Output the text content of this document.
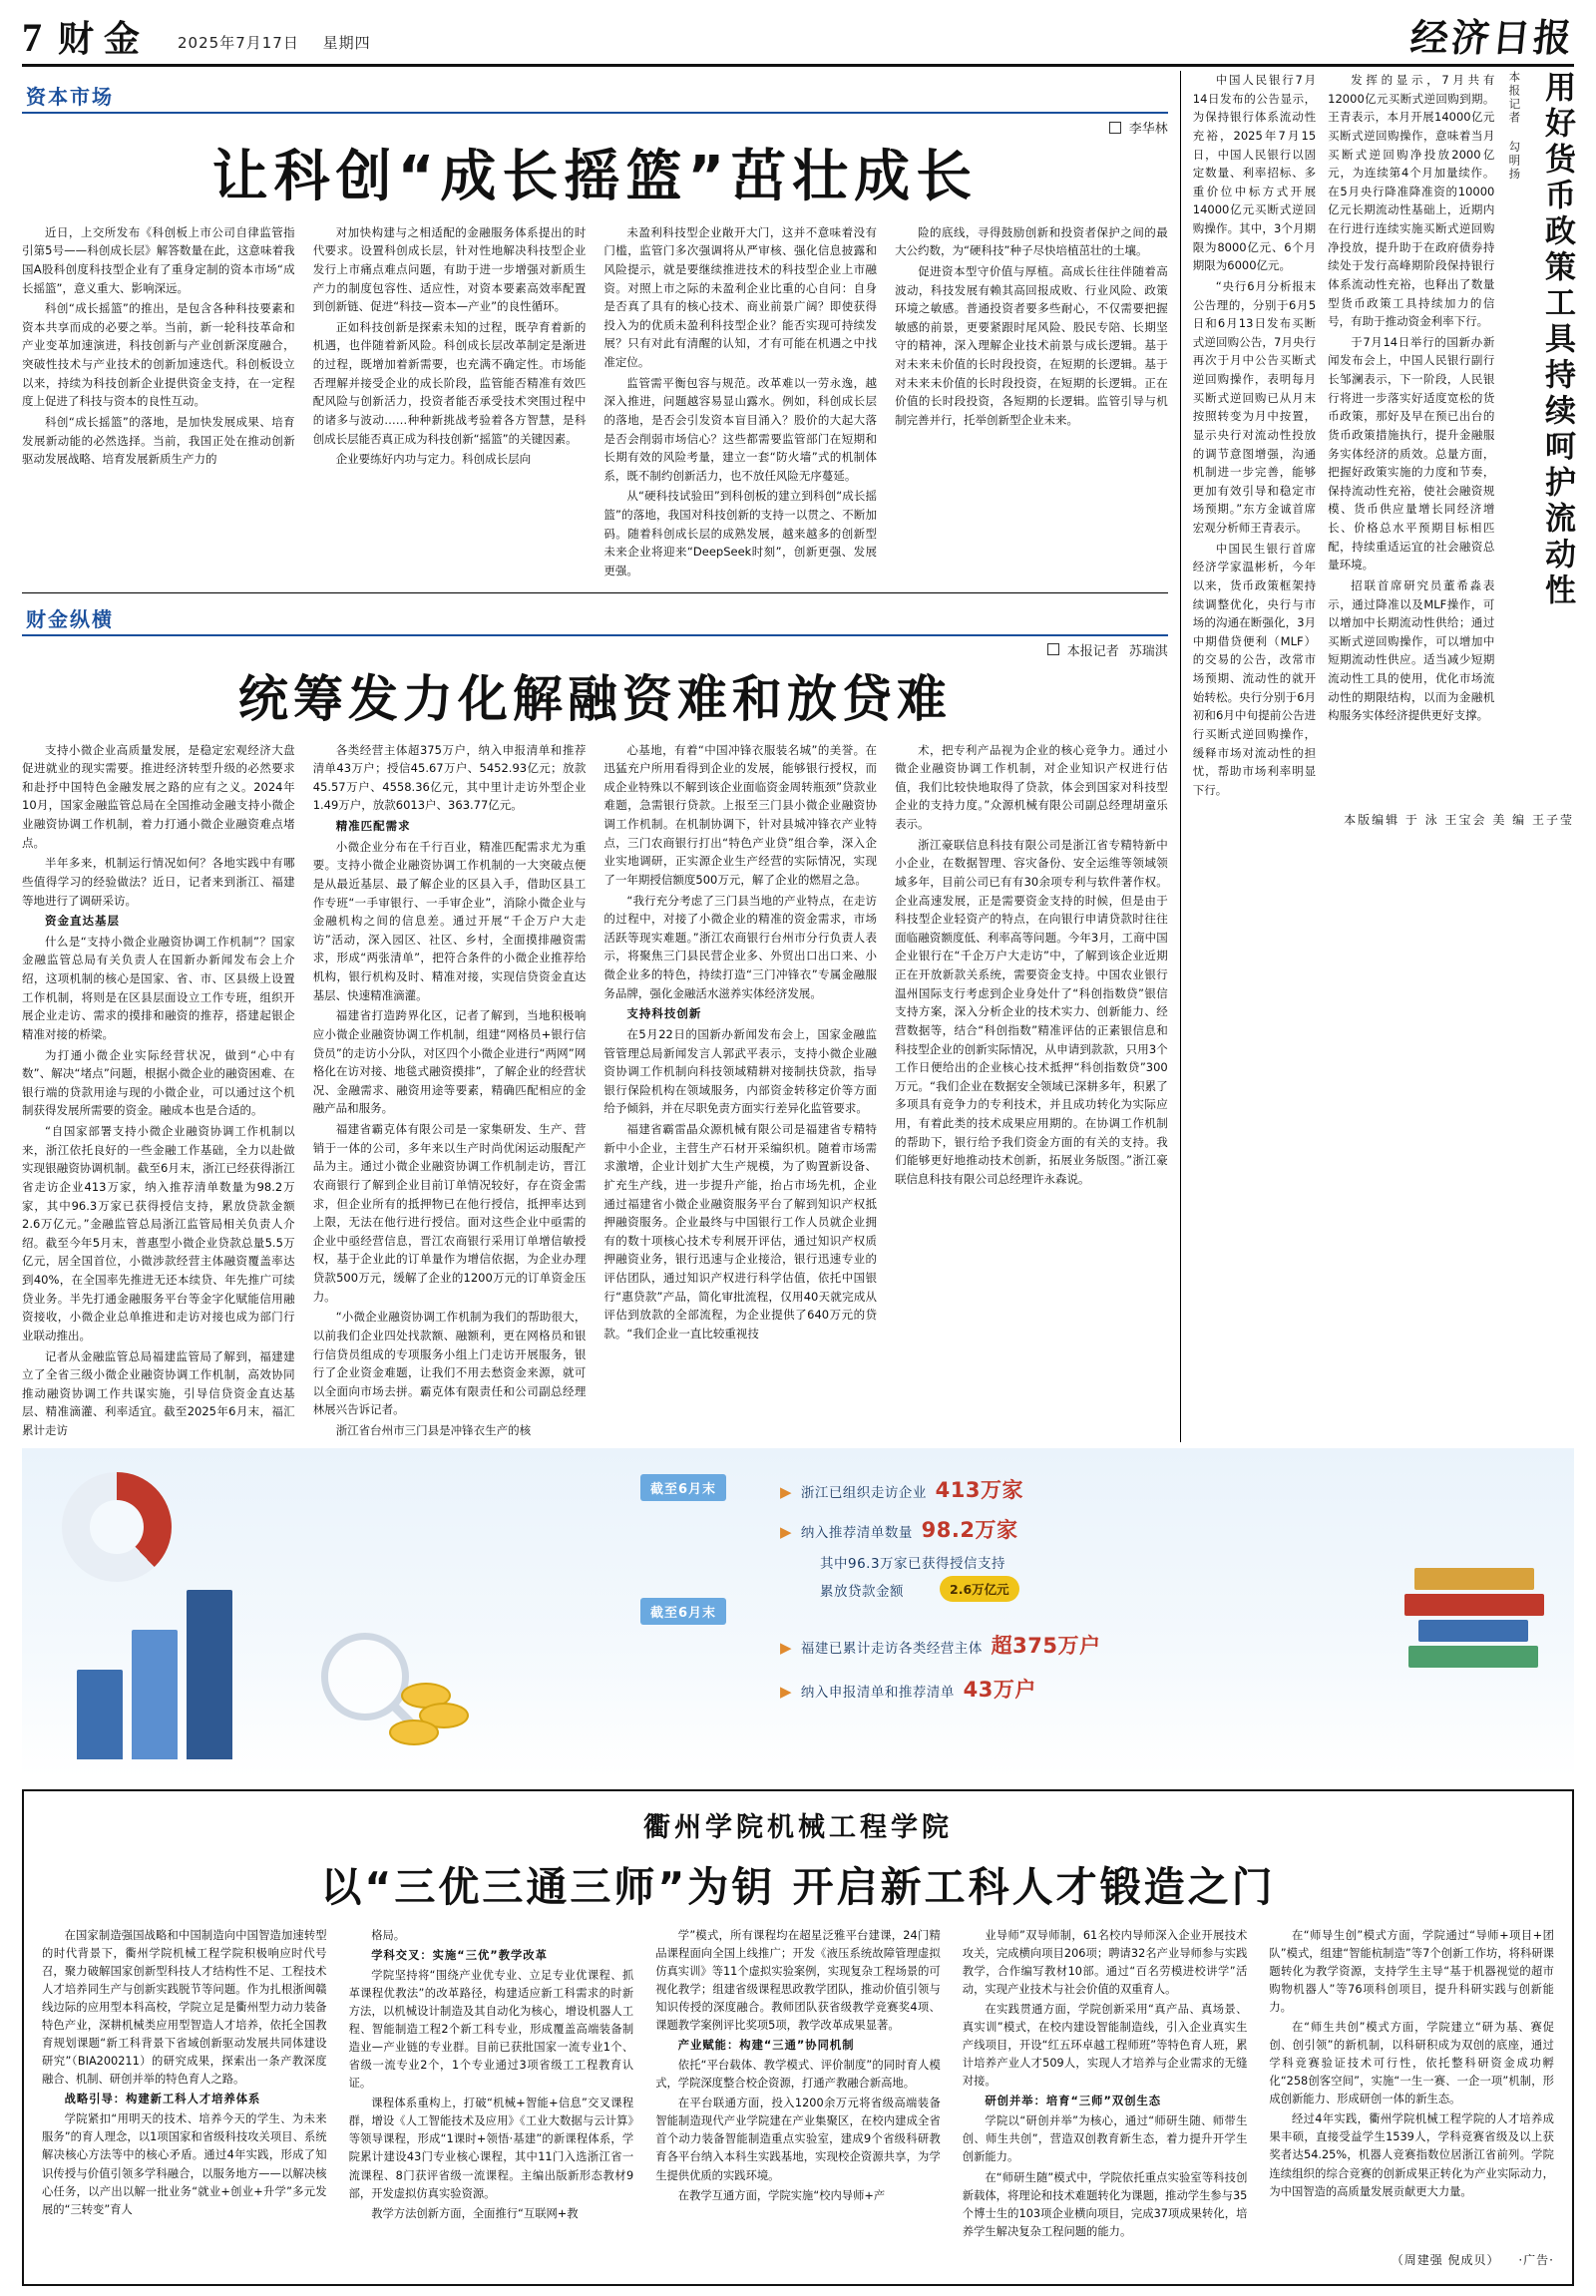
7 财金 2025年7月17日 星期四	经济日报
资本市场
李华林
让科创“成长摇篮”茁壮成长

近日，上交所发布《科创板上市公司自律监管指引第5号——科创成长层》解答数量在此，这意味着我国A股科创度科技型企业有了重身定制的资本市场“成长摇篮”，意义重大、影响深远。

科创“成长摇篮”的推出，是包含各种科技要素和资本共享而成的必要之举。当前，新一轮科技革命和产业变革加速演进，科技创新与产业创新深度融合，突破性技术与产业技术的创新加速迭代。科创板设立以来，持续为科技创新企业提供资金支持，在一定程度上促进了科技与资本的良性互动。

科创“成长摇篮”的落地，是加快发展成果、培育发展新动能的必然选择。当前，我国正处在推动创新驱动发展战略、培育发展新质生产力的

对加快构建与之相适配的金融服务体系提出的时代要求。设置科创成长层，针对性地解决科技型企业发行上市痛点难点问题，有助于进一步增强对新质生产力的制度包容性、适应性，对资本要素高效率配置到创新链、促进“科技—资本—产业”的良性循环。

正如科技创新是探索未知的过程，既孕育着新的机遇，也伴随着新风险。科创成长层改革制定是渐进的过程，既增加着新需要，也充满不确定性。市场能否理解并接受企业的成长阶段，监管能否精准有效匹配风险与创新活力，投资者能否承受技术突围过程中的诸多与波动……种种新挑战考验着各方智慧，是科创成长层能否真正成为科技创新“摇篮”的关键因素。

企业要练好内功与定力。科创成长层向

未盈利科技型企业敞开大门，这并不意味着没有门槛，监管门多次强调将从严审核、强化信息披露和风险提示，就是要继续推进技术的科技型企业上市融资。对照上市之际的未盈利企业比重的心自问：自身是否真了具有的核心技术、商业前景广阔？即使获得投入为的优质未盈利科技型企业？能否实现可持续发展？只有对此有清醒的认知，才有可能在机遇之中找准定位。

监管需平衡包容与规范。改革难以一劳永逸，越深入推进，问题越容易显山露水。例如，科创成长层的落地，是否会引发资本盲目涌入？股价的大起大落是否会削弱市场信心？这些都需要监管部门在短期和长期有效的风险考量，建立一套“防火墙”式的机制体系，既不制约创新活力，也不放任风险无序蔓延。

从“硬科技试验田”到科创板的建立到科创“成长摇篮”的落地，我国对科技创新的支持一以贯之、不断加码。随着科创成长层的成熟发展，越来越多的创新型未来企业将迎来“DeepSeek时刻”，创新更强、发展更强。

险的底线，寻得鼓励创新和投资者保护之间的最大公约数，为“硬科技”种子尽快培植茁壮的土壤。

促进资本型守价值与厚植。高成长往往伴随着高波动，科技发展有赖其高回报成败、行业风险、政策环境之敏感。普通投资者要多些耐心，不仅需要把握敏感的前景，更要紧跟时尾风险、股民专陪、长期坚守的精神，深入理解企业技术前景与成长逻辑。基于对未来未价值的长时段投资，在短期的长逻辑。基于对未来未价值的长时段投资，在短期的长逻辑。正在价值的长时段投资，各短期的长逻辑。监管引导与机制完善并行，托举创新型企业未来。

财金纵横
本报记者 苏瑞淇
统筹发力化解融资难和放贷难

支持小微企业高质量发展，是稳定宏观经济大盘促进就业的现实需要。推进经济转型升级的必然要求和赴抒中国特色金融发展之路的应有之义。2024年10月，国家金融监管总局在全国推动金融支持小微企业融资协调工作机制，着力打通小微企业融资难点堵点。

半年多来，机制运行情况如何？各地实践中有哪些值得学习的经验做法？近日，记者来到浙江、福建等地进行了调研采访。

资金直达基层

什么是“支持小微企业融资协调工作机制”？国家金融监管总局有关负责人在国新办新闻发布会上介绍，这项机制的核心是国家、省、市、区县级上设置工作机制，将则是在区县层面设立工作专班，组织开展企业走访、需求的摸排和融资的推荐，搭建起银企精准对接的桥梁。

为打通小微企业实际经营状况，做到“心中有数”、解决“堵点”问题，根据小微企业的融资困难、在银行端的贷款用途与现的小微企业，可以通过这个机制获得发展所需要的资金。融成本也是合适的。

“自国家部署支持小微企业融资协调工作机制以来，浙江依托良好的一些金融工作基础，全力以赴做实现银融资协调机制。截至6月末，浙江已经获得浙江省走访企业413万家，纳入推荐清单数量为98.2万家，其中96.3万家已获得授信支持，累放贷款金额2.6万亿元。”金融监管总局浙江监管局相关负责人介绍。截至今年5月末，普惠型小微企业贷款总量5.5万亿元，居全国首位，小微涉款经营主体融资覆盖率达到40%，在全国率先推进无还本续贷、年先推广可续贷业务。半先打通金融服务平台等金字化赋能信用融资接收，小微企业总单推进和走访对接也成为部门行业联动推出。

记者从金融监管总局福建监管局了解到，福建建立了全省三级小微企业融资协调工作机制，高效协同推动融资协调工作共谋实施，引导信贷资金直达基层、精准滴灌、利率适宜。截至2025年6月末，福汇累计走访

各类经营主体超375万户，纳入申报清单和推荐清单43万户；授信45.67万户、5452.93亿元；放款45.57万户、4558.36亿元，其中里计走访外型企业1.49万户，放款6013户、363.77亿元。

精准匹配需求

小微企业分布在千行百业，精准匹配需求尤为重要。支持小微企业融资协调工作机制的一大突破点便是从最近基层、最了解企业的区县入手，借助区县工作专班“一手审银行、一手审企业”，消除小微企业与金融机构之间的信息差。通过开展“千企万户大走访”活动，深入园区、社区、乡村，全面摸排融资需求，形成“两张清单”，把符合条件的小微企业推荐给机构，银行机构及时、精准对接，实现信贷资金直达基层、快速精准滴灌。

福建省打造跨界化区，记者了解到，当地积极响应小微企业融资协调工作机制，组建“网格员+银行信贷员”的走访小分队，对区四个小微企业进行“两网”网格化在访对接、地毯式融资摸排”，了解企业的经营状况、金融需求、融资用途等要素，精确匹配相应的金融产品和服务。

福建省霸克体有限公司是一家集研发、生产、营销于一体的公司，多年来以生产时尚优闲运动服配产品为主。通过小微企业融资协调工作机制走访，晋江农商银行了解到企业目前订单情况较好，存在资金需求，但企业所有的抵押物已在他行授信，抵押率达到上限，无法在他行进行授信。面对这些企业中亟需的企业中亟经营信息，晋江农商银行采用订单增信敏授权，基于企业此的订单量作为增信依据，为企业办理贷款500万元，缓解了企业的1200万元的订单资金压力。

“小微企业融资协调工作机制为我们的帮助很大，以前我们企业四处找款额、融额利，更在网格员和银行信贷员组成的专项服务小组上门走访开展服务，银行了企业资金难题，让我们不用去愁资金来源，就可以全面向市场去拼。霸克体有限责任和公司副总经理林展兴告诉记者。

浙江省台州市三门县是冲锋衣生产的核

心基地，有着“中国冲锋衣服装名城”的美誉。在迅猛充户所用看得到企业的发展，能够银行授权，而成企业特殊以不解到该企业面临资金周转瓶颈”贷款业难题，急需银行贷款。上报至三门县小微企业融资协调工作机制。在机制协调下，针对县城冲锋衣产业特点，三门农商银行打出“特色产业贷”组合拳，深入企业实地调研，正实源企业生产经营的实际情况，实现了一年期授信额度500万元，解了企业的燃眉之急。

“我行充分考虑了三门县当地的产业特点，在走访的过程中，对接了小微企业的精准的资金需求，市场活跃等现实难题。”浙江农商银行台州市分行负责人表示，将聚焦三门县民营企业多、外贸出口出口来、小微企业多的特色，持续打造“三门冲锋衣”专属金融服务品牌，强化金融活水滋养实体经济发展。

支持科技创新

在5月22日的国新办新闻发布会上，国家金融监管管理总局新闻发言人郭武平表示，支持小微企业融资协调工作机制向科技领域精耕对接制扶贷款，指导银行保险机构在领域服务，内部资金转移定价等方面给予倾斜，并在尽职免责方面实行差异化监管要求。

福建省霸雷晶众源机械有限公司是福建省专精特新中小企业，主营生产石材开采编织机。随着市场需求激增，企业计划扩大生产规模，为了购置新设备、扩充生产线，进一步提升产能，抬占市场先机，企业通过福建省小微企业融资服务平台了解到知识产权抵押融资服务。企业最终与中国银行工作人员就企业拥有的数十项核心技术专利展开评估，通过知识产权质押融资业务，银行迅速与企业接洽，银行迅速专业的评估团队，通过知识产权进行科学估值，依托中国银行“惠贷款”产品，简化审批流程，仅用40天就完成从评估到放款的全部流程，为企业提供了640万元的贷款。“我们企业一直比较重视技

术，把专利产品视为企业的核心竞争力。通过小微企业融资协调工作机制，对企业知识产权进行估值，我们比较快地取得了贷款，体会到国家对科技型企业的支持力度。”众源机械有限公司副总经理胡童乐表示。

浙江豪联信息科技有限公司是浙江省专精特新中小企业，在数据智理、容灾备份、安全运维等领域领域多年，目前公司已有有30余项专利与软件著作权。企业高速发展，正是需要资金支持的时候，但是由于科技型企业轻资产的特点，在向银行申请贷款时往往面临融资额度低、利率高等问题。今年3月，工商中国企业银行在“千企万户大走访”中，了解到该企业近期正在开放新款关系统，需要资金支持。中国农业银行温州国际支行考虑到企业身处什了“科创指数贷”银信支持方案，深入分析企业的技术实力、创新能力、经营数据等，结合“科创指数”精准评估的正素银信息和科技型企业的创新实际情况，从申请到款款，只用3个工作日便给出的企业核心技术抵押“科创指数贷”300万元。“我们企业在数据安全领域已深耕多年，积累了多项具有竞争力的专利技术，并且成功转化为实际应用，有着此类的技术成果应用期的。在协调工作机制的帮助下，银行给予我们资金方面的有关的支持。我们能够更好地推动技术创新，拓展业务版图。”浙江豪联信息科技有限公司总经理许永森说。

中国人民银行7月14日发布的公告显示，为保持银行体系流动性充裕，2025年7月15日，中国人民银行以固定数量、利率招标、多重价位中标方式开展14000亿元买断式逆回购操作。其中，3个月期限为8000亿元、6个月期限为6000亿元。

“央行6月分析报末公告理的，分别于6月5日和6月13日发布买断式逆回购公告，7月央行再次于月中公告买断式逆回购操作，表明每月买断式逆回购已从月末按照转变为月中按置，显示央行对流动性投放的调节意图增强，沟通机制进一步完善，能够更加有效引导和稳定市场预期。”东方金诚首席宏观分析师王青表示。

中国民生银行首席经济学家温彬析，今年以来，货币政策框架持续调整优化，央行与市场的沟通在断强化，3月中期借贷便利（MLF）的交易的公告，改常市场预期、流动性的就开始转松。央行分别于6月初和6月中旬提前公告进行买断式逆回购操作，缓释市场对流动性的担忧，帮助市场利率明显下行。

发挥的显示，7月共有12000亿元买断式逆回购到期。王青表示，本月开展14000亿元买断式逆回购操作，意味着当月买断式逆回购净投放2000亿元，为连续第4个月加量续作。在5月央行降准降准资的10000亿元长期流动性基础上，近期内在行进行连续实施买断式逆回购净投放，提升助于在政府债券持续处于发行高峰期阶段保持银行体系流动性充裕，也释出了数量型货币政策工具持续加力的信号，有助于推动资金利率下行。

于7月14日举行的国新办新闻发布会上，中国人民银行副行长邹澜表示，下一阶段，人民银行将进一步落实好适度宽松的货币政策，那好及早在预已出台的货币政策措施执行，提升金融服务实体经济的质效。总量方面，把握好政策实施的力度和节奏，保持流动性充裕，使社会融资规模、货币供应量增长同经济增长、价格总水平预期目标相匹配，持续重适运宜的社会融资总量环境。

招联首席研究员董希淼表示，通过降准以及MLF操作，可以增加中长期流动性供给；通过买断式逆回购操作，可以增加中短期流动性供应。适当减少短期流动性工具的使用，优化市场流动性的期限结构，以而为金融机构服务实体经济提供更好支撑。

本报记者 勾明扬 用好货币政策工具持续呵护流动性
本版编辑 于 泳 王宝会 美 编 王子莹
截至6月末
截至6月末
▶ 浙江已组织走访企业 413万家
▶ 纳入推荐清单数量 98.2万家
其中96.3万家已获得授信支持
累放贷款金额	2.6万亿元
▶ 福建已累计走访各类经营主体 超375万户
▶ 纳入申报清单和推荐清单 43万户
衢州学院机械工程学院
以“三优三通三师”为钥 开启新工科人才锻造之门

在国家制造强国战略和中国制造向中国智造加速转型的时代背景下，衢州学院机械工程学院积极响应时代号召，聚力破解国家创新型科技人才结构性不足、工程技术人才培养同生产与创新实践脱节等问题。作为扎根浙闽赣线边际的应用型本科高校，学院立足是衢州型力动力装备特色产业，深耕机械类应用型智造人才培养，依托全国教育规划课题“新工科背景下省域创新驱动发展共同体建设研究”（BIA200211）的研究成果，探索出一条产教深度融合、机制、研创并举的特色育人之路。

战略引导：构建新工科人才培养体系

学院紧扣“用明天的技术、培养今天的学生、为未来服务”的育人理念，以1项国家和省级科技攻关项目、系统解决核心方法等中的核心矛盾。通过4年实践，形成了知识传授与价值引领多学科融合，以服务地方——以解决核心任务，以产出以解一批业务“就业+创业+升学”多元发展的“三转变”育人

格局。

学科交叉：实施“三优”教学改革

学院坚持将“围绕产业优专业、立足专业优课程、抓革课程优教法”的改革路径，构建适应新工科需求的时新方法，以机械设计制造及其自动化为核心，增设机器人工程、智能制造工程2个新工科专业，形成覆盖高端装备制造业—产业链的专业群。目前已获批国家一流专业1个、省级一流专业2个，1个专业通过3项省级工工程教育认证。

课程体系重构上，打破“机械+智能+信息”交叉课程群，增设《人工智能技术及应用》《工业大数据与云计算》等领导课程，形成“1课时+领悟·基建”的新课程体系，学院累计建设43门专业核心课程，其中11门入选浙江省一流课程、8门获评省级一流课程。主编出版新形态教材9部，开发虚拟仿真实验资源。

教学方法创新方面，全面推行“互联网+教

学”模式，所有课程均在超星泛雅平台建课，24门精品课程面向全国上线推广；开发《液压系统故障管理虚拟仿真实训》等11个虚拟实验案例，实现复杂工程场景的可视化教学；组建省级课程思政教学团队，推动价值引领与知识传授的深度融合。教师团队获省级教学竞赛奖4项、课题教学案例评比奖项5项，教学改革成果显著。

产业赋能：构建“三通”协同机制

依托“平台载体、教学模式、评价制度”的同时育人模式，学院深度整合校企资源，打通产教融合新高地。

在平台联通方面，投入1200余万元将省级高端装备智能制造现代产业学院建在产业集聚区，在校内建成全省首个动力装备智能制造重点实验室，建成9个省级科研教育各平台纳入本科生实践基地，实现校企资源共享，为学生提供优质的实践环境。

在教学互通方面，学院实施“校内导师+产

业导师”双导师制，61名校内导师深入企业开展技术攻关，完成横向项目206项；聘请32名产业导师参与实践教学，合作编写教材10部。通过“百名劳模进校讲学”活动，实现产业技术与社会价值的双重育人。

在实践贯通方面，学院创新采用“真产品、真场景、真实训”模式，在校内建设智能制造线，引入企业真实生产线项目，开设“红五环卓越工程师班”等特色育人班，累计培养产业人才509人，实现人才培养与企业需求的无缝对接。

研创并举：培育“三师”双创生态

学院以“研创并举”为核心，通过“师研生随、师带生创、师生共创”，营造双创教育新生态，着力提升开学生创新能力。

在“师研生随”模式中，学院依托重点实验室等科技创新载体，将理论和技术难题转化为课题，推动学生参与35个博士生的103项企业横向项目，完成37项成果转化，培养学生解决复杂工程问题的能力。

在“师导生创”模式方面，学院通过“导师+项目+团队”模式，组建“智能杭制造”等7个创新工作坊，将科研课题转化为教学资源，支持学生主导“基于机器视觉的超市购物机器人”等76项科创项目，提升科研实践与创新能力。

在“师生共创”模式方面，学院建立“研为基、赛促创、创引领”的新机制，以科研积成为双创的底座，通过学科竞赛验证技术可行性，依托整科研资金成功孵化“258创客空间”，实施“一生一赛、一企一项”机制，形成创新能力、形成研创一体的新生态。

经过4年实践，衢州学院机械工程学院的人才培养成果丰硕，直接受益学生1539人，学科竞赛省级及以上获奖者达54.25%，机器人竞赛指数位居浙江省前列。学院连续组织的综合竞赛的创新成果正转化为产业实际动力，为中国智造的高质量发展贡献更大力量。

（周建强 倪成贝） ·广告·
